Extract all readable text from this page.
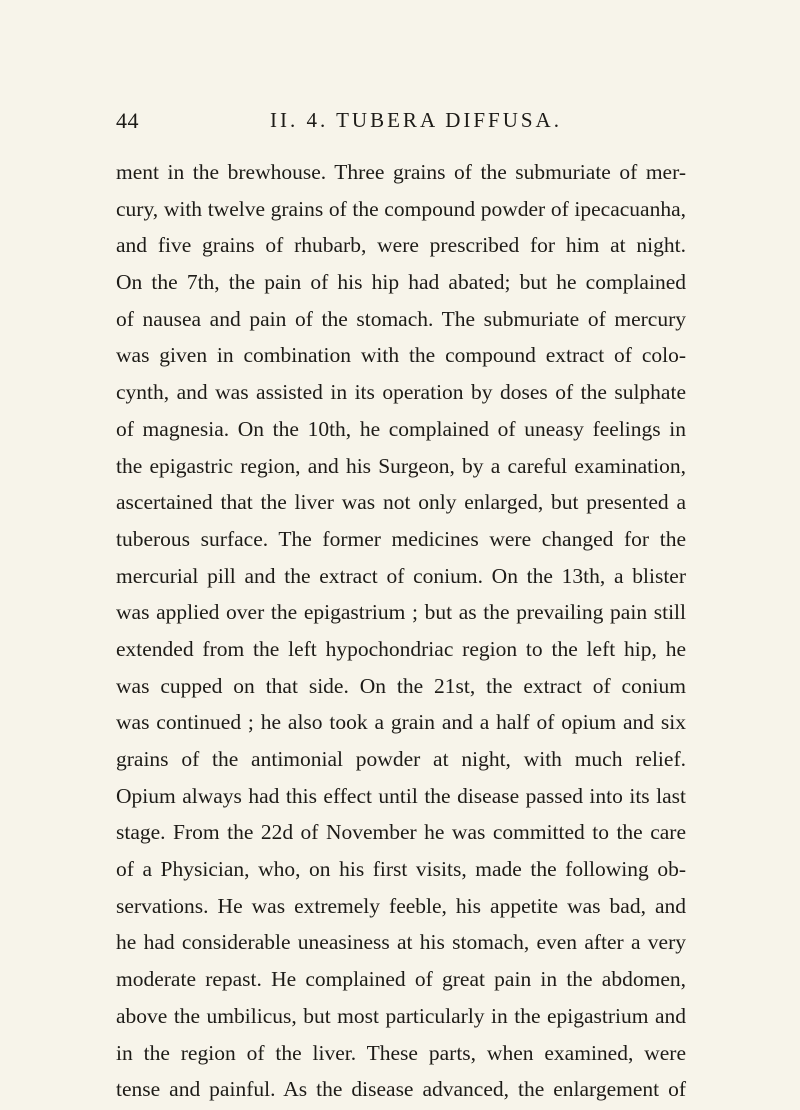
44	II. 4. TUBERA DIFFUSA.
ment in the brewhouse. Three grains of the submuriate of mer-
cury, with twelve grains of the compound powder of ipecacuanha,
and five grains of rhubarb, were prescribed for him at night.
On the 7th, the pain of his hip had abated; but he complained
of nausea and pain of the stomach. The submuriate of mercury
was given in combination with the compound extract of colo-
cynth, and was assisted in its operation by doses of the sulphate
of magnesia. On the 10th, he complained of uneasy feelings in
the epigastric region, and his Surgeon, by a careful examination,
ascertained that the liver was not only enlarged, but presented a
tuberous surface. The former medicines were changed for the
mercurial pill and the extract of conium. On the 13th, a blister
was applied over the epigastrium ; but as the prevailing pain still
extended from the left hypochondriac region to the left hip, he
was cupped on that side. On the 21st, the extract of conium
was continued ; he also took a grain and a half of opium and six
grains of the antimonial powder at night, with much relief.
Opium always had this effect until the disease passed into its last
stage. From the 22d of November he was committed to the care
of a Physician, who, on his first visits, made the following ob-
servations. He was extremely feeble, his appetite was bad, and
he had considerable uneasiness at his stomach, even after a very
moderate repast. He complained of great pain in the abdomen,
above the umbilicus, but most particularly in the epigastrium and
in the region of the liver. These parts, when examined, were
tense and painful. As the disease advanced, the enlargement of
